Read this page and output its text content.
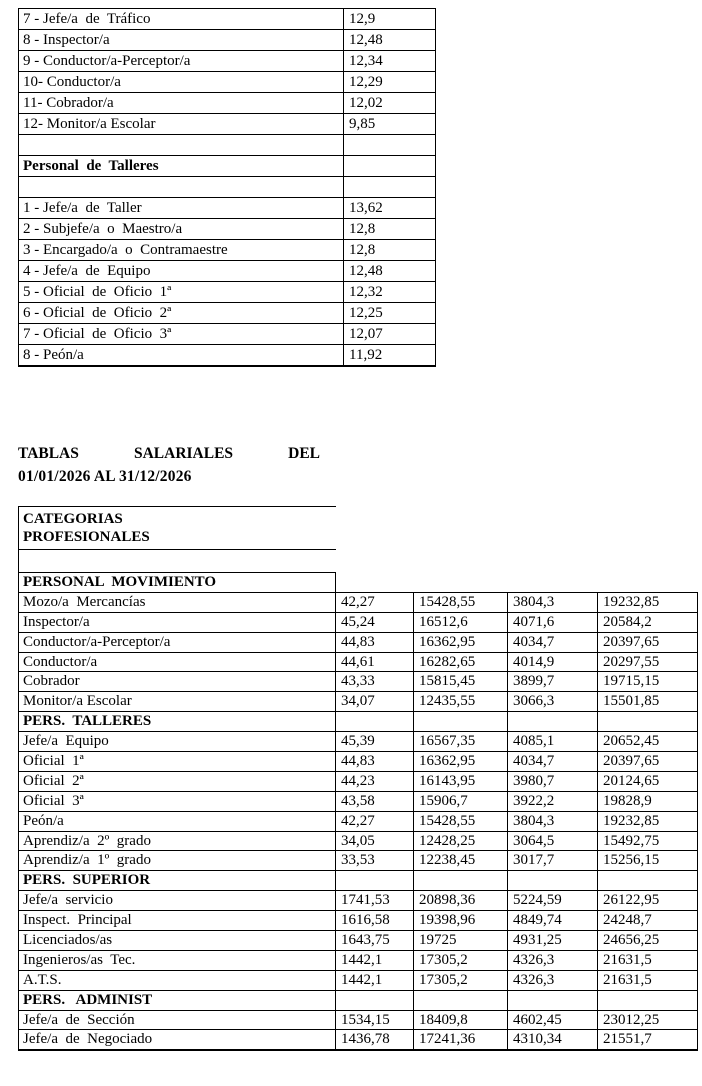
7 - Jefe/a  de  Tráfico	12,9
8 - Inspector/a	12,48
9 - Conductor/a-Perceptor/a	12,34
10- Conductor/a	12,29
11- Cobrador/a	12,02
12- Monitor/a Escolar	9,85

Personal  de  Talleres	

1 - Jefe/a  de  Taller	13,62
2 - Subjefe/a  o  Maestro/a	12,8
3 - Encargado/a  o  Contramaestre	12,8
4 - Jefe/a  de  Equipo	12,48
5 - Oficial  de  Oficio  1ª	12,32
6 - Oficial  de  Oficio  2ª	12,25
7 - Oficial  de  Oficio  3ª	12,07
8 - Peón/a	11,92
TABLAS	SALARIALES	DEL
01/01/2026 AL 31/12/2026
CATEGORIAS
PROFESIONALES
PERSONAL  MOVIMIENTO				
Mozo/a  Mercancías	42,27	15428,55	3804,3	19232,85
Inspector/a	45,24	16512,6	4071,6	20584,2
Conductor/a-Perceptor/a	44,83	16362,95	4034,7	20397,65
Conductor/a	44,61	16282,65	4014,9	20297,55
Cobrador	43,33	15815,45	3899,7	19715,15
Monitor/a Escolar	34,07	12435,55	3066,3	15501,85
PERS.  TALLERES				
Jefe/a  Equipo	45,39	16567,35	4085,1	20652,45
Oficial  1ª	44,83	16362,95	4034,7	20397,65
Oficial  2ª	44,23	16143,95	3980,7	20124,65
Oficial  3ª	43,58	15906,7	3922,2	19828,9
Peón/a	42,27	15428,55	3804,3	19232,85
Aprendiz/a  2º  grado	34,05	12428,25	3064,5	15492,75
Aprendiz/a  1º  grado	33,53	12238,45	3017,7	15256,15
PERS.  SUPERIOR				
Jefe/a  servicio	1741,53	20898,36	5224,59	26122,95
Inspect.  Principal	1616,58	19398,96	4849,74	24248,7
Licenciados/as	1643,75	19725	4931,25	24656,25
Ingenieros/as  Tec.	1442,1	17305,2	4326,3	21631,5
A.T.S.	1442,1	17305,2	4326,3	21631,5
PERS.   ADMINIST				
Jefe/a  de  Sección	1534,15	18409,8	4602,45	23012,25
Jefe/a  de  Negociado	1436,78	17241,36	4310,34	21551,7
